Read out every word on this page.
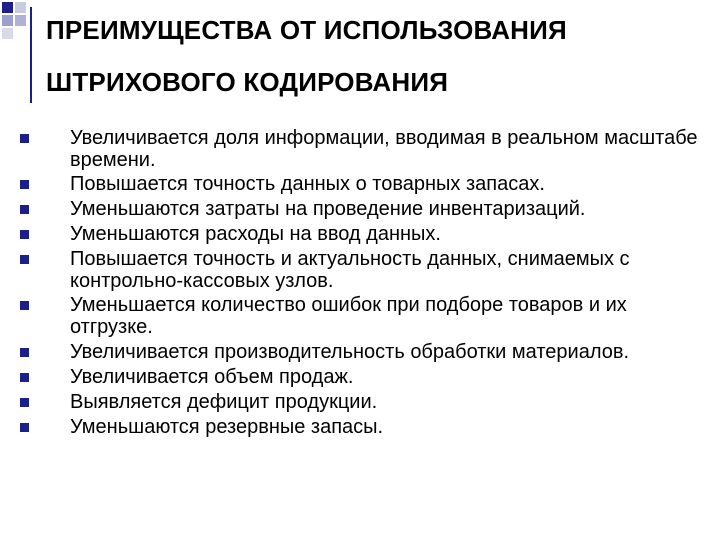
ПРЕИМУЩЕСТВА ОТ ИСПОЛЬЗОВАНИЯ ШТРИХОВОГО КОДИРОВАНИЯ
Увеличивается доля информации, вводимая в реальном масштабе времени.
Повышается точность данных о товарных запасах.
Уменьшаются затраты на проведение инвентаризаций.
Уменьшаются расходы на ввод данных.
Повышается точность и актуальность данных, снимаемых с контрольно-кассовых узлов.
Уменьшается количество ошибок при подборе товаров и их отгрузке.
Увеличивается производительность обработки материалов.
Увеличивается объем продаж.
Выявляется дефицит продукции.
Уменьшаются резервные запасы.
